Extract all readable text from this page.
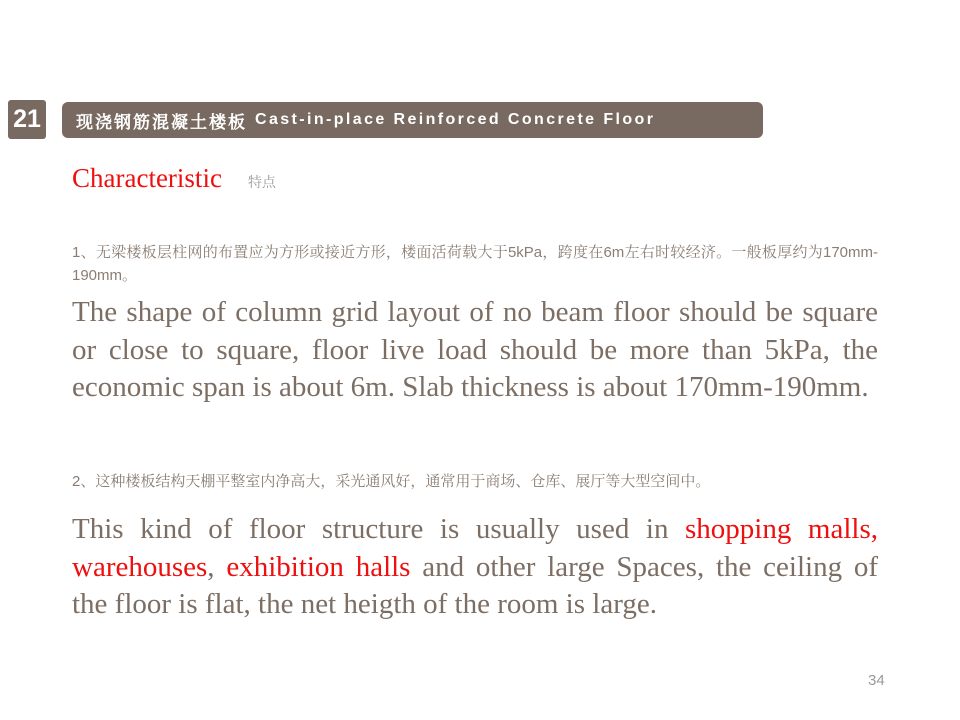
21 现浇钢筋混凝土楼板 Cast-in-place Reinforced Concrete Floor
Characteristic 特点
1、无梁楼板层柱网的布置应为方形或接近方形，楼面活荷载大于5kPa，跨度在6m左右时较经济。一般板厚约为170mm-190mm。
The shape of column grid layout of no beam floor should be square or close to square, floor live load should be more than 5kPa, the economic span is about 6m. Slab thickness is about 170mm-190mm.
2、这种楼板结构天棚平整室内净高大，采光通风好，通常用于商场、仓库、展厅等大型空间中。
This kind of floor structure is usually used in shopping malls, warehouses, exhibition halls and other large Spaces, the ceiling of the floor is flat, the net heigth of the room is large.
34
